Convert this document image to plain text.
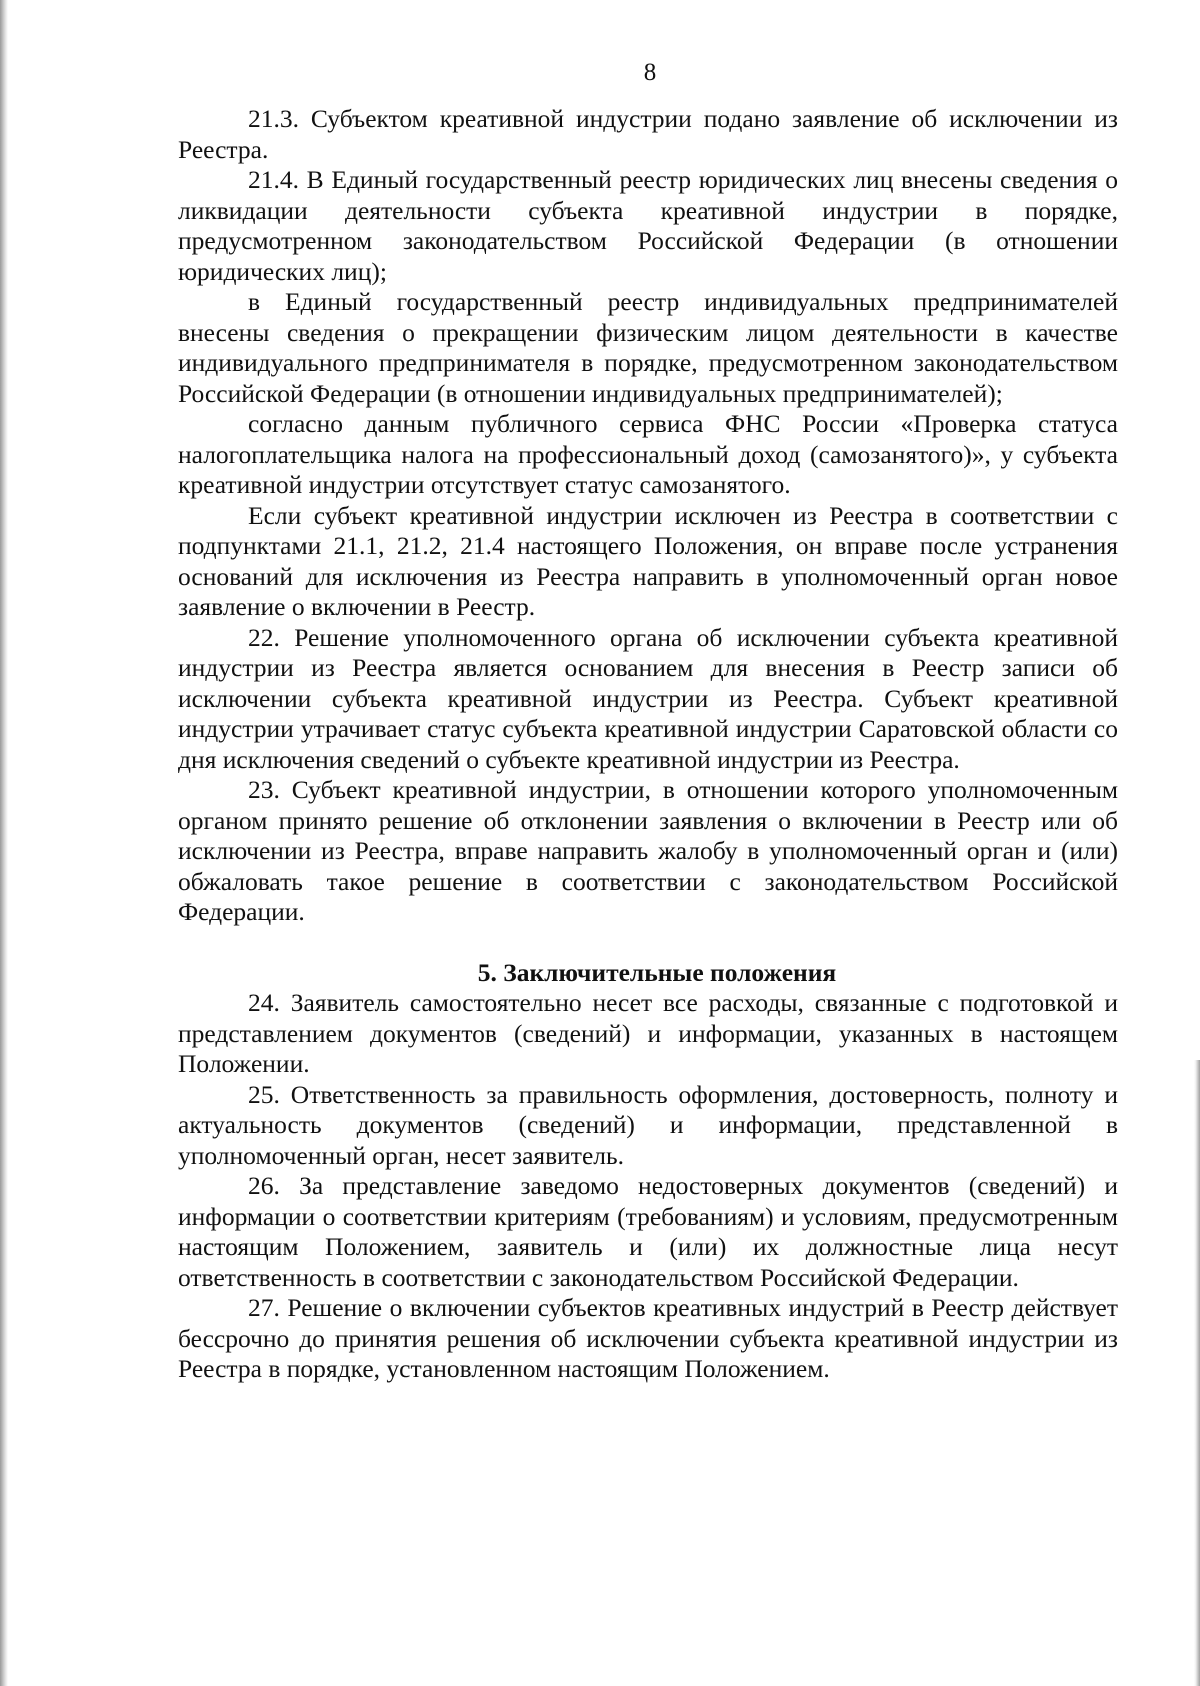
8

21.3. Субъектом креативной индустрии подано заявление об исключении из Реестра.

21.4. В Единый государственный реестр юридических лиц внесены сведения о ликвидации деятельности субъекта креативной индустрии в порядке, предусмотренном законодательством Российской Федерации (в отношении юридических лиц);

в Единый государственный реестр индивидуальных предпринимателей внесены сведения о прекращении физическим лицом деятельности в качестве индивидуального предпринимателя в порядке, предусмотренном законодательством Российской Федерации (в отношении индивидуальных предпринимателей);

согласно данным публичного сервиса ФНС России «Проверка статуса налогоплательщика налога на профессиональный доход (самозанятого)», у субъекта креативной индустрии отсутствует статус самозанятого.

Если субъект креативной индустрии исключен из Реестра в соответствии с подпунктами 21.1, 21.2, 21.4 настоящего Положения, он вправе после устранения оснований для исключения из Реестра направить в уполномоченный орган новое заявление о включении в Реестр.

22. Решение уполномоченного органа об исключении субъекта креативной индустрии из Реестра является основанием для внесения в Реестр записи об исключении субъекта креативной индустрии из Реестра. Субъект креативной индустрии утрачивает статус субъекта креативной индустрии Саратовской области со дня исключения сведений о субъекте креативной индустрии из Реестра.

23. Субъект креативной индустрии, в отношении которого уполномоченным органом принято решение об отклонении заявления о включении в Реестр или об исключении из Реестра, вправе направить жалобу в уполномоченный орган и (или) обжаловать такое решение в соответствии с законодательством Российской Федерации.

5. Заключительные положения

24. Заявитель самостоятельно несет все расходы, связанные с подготовкой и представлением документов (сведений) и информации, указанных в настоящем Положении.

25. Ответственность за правильность оформления, достоверность, полноту и актуальность документов (сведений) и информации, представленной в уполномоченный орган, несет заявитель.

26. За представление заведомо недостоверных документов (сведений) и информации о соответствии критериям (требованиям) и условиям, предусмотренным настоящим Положением, заявитель и (или) их должностные лица несут ответственность в соответствии с законодательством Российской Федерации.

27. Решение о включении субъектов креативных индустрий в Реестр действует бессрочно до принятия решения об исключении субъекта креативной индустрии из Реестра в порядке, установленном настоящим Положением.
